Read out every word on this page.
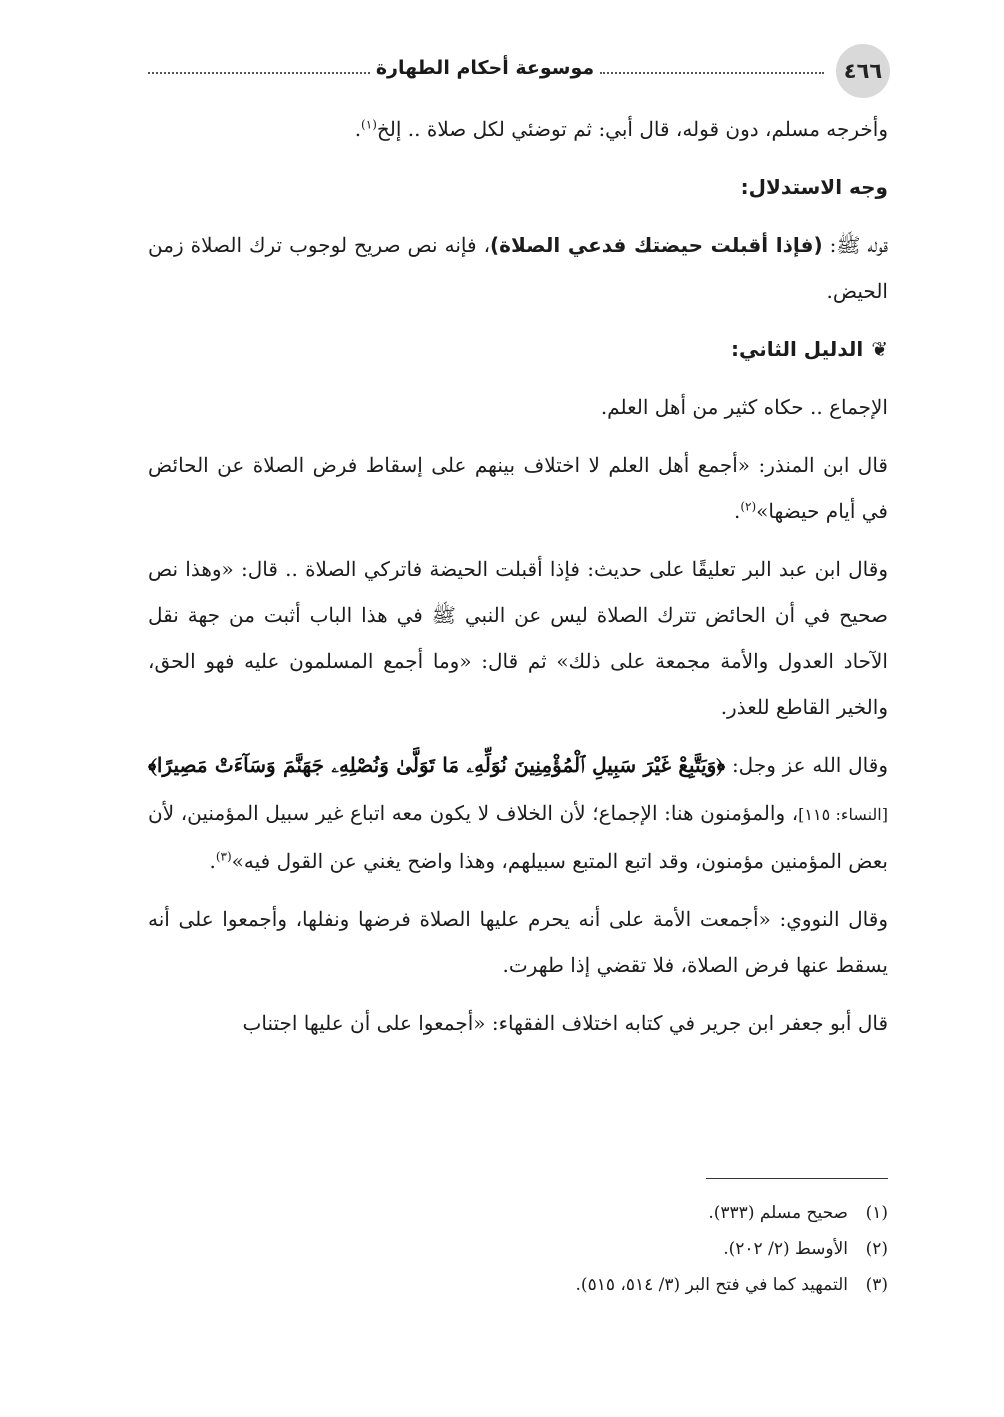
٤٦٦
موسوعة أحكام الطهارة

وأخرجه مسلم، دون قوله، قال أبي: ثم توضئي لكل صلاة .. إلخ$^{(١)}$.

وجه الاستدلال:

قوله ﷺ: (فإذا أقبلت حيضتك فدعي الصلاة)، فإنه نص صريح لوجوب ترك الصلاة زمن الحيض.

❦الدليل الثاني:

الإجماع .. حكاه كثير من أهل العلم.

قال ابن المنذر: «أجمع أهل العلم لا اختلاف بينهم على إسقاط فرض الصلاة عن الحائض في أيام حيضها»$^{(٢)}$.

وقال ابن عبد البر تعليقًا على حديث: فإذا أقبلت الحيضة فاتركي الصلاة .. قال: «وهذا نص صحيح في أن الحائض تترك الصلاة ليس عن النبي ﷺ في هذا الباب أثبت من جهة نقل الآحاد العدول والأمة مجمعة على ذلك» ثم قال: «وما أجمع المسلمون عليه فهو الحق، والخير القاطع للعذر.

وقال الله عز وجل: ﴿وَيَتَّبِعْ غَيْرَ سَبِيلِ ٱلْمُؤْمِنِينَ نُوَلِّهِۦ مَا تَوَلَّىٰ وَنُصْلِهِۦ جَهَنَّمَ وَسَآءَتْ مَصِيرًا﴾ [النساء: ١١٥]، والمؤمنون هنا: الإجماع؛ لأن الخلاف لا يكون معه اتباع غير سبيل المؤمنين، لأن بعض المؤمنين مؤمنون، وقد اتبع المتبع سبيلهم، وهذا واضح يغني عن القول فيه»$^{(٣)}$.

وقال النووي: «أجمعت الأمة على أنه يحرم عليها الصلاة فرضها ونفلها، وأجمعوا على أنه يسقط عنها فرض الصلاة، فلا تقضي إذا طهرت.

قال أبو جعفر ابن جرير في كتابه اختلاف الفقهاء: «أجمعوا على أن عليها اجتناب

(١)
صحيح مسلم (٣٣٣).
(٢)
الأوسط (٢/ ٢٠٢).
(٣)
التمهيد كما في فتح البر (٣/ ٥١٤، ٥١٥).
